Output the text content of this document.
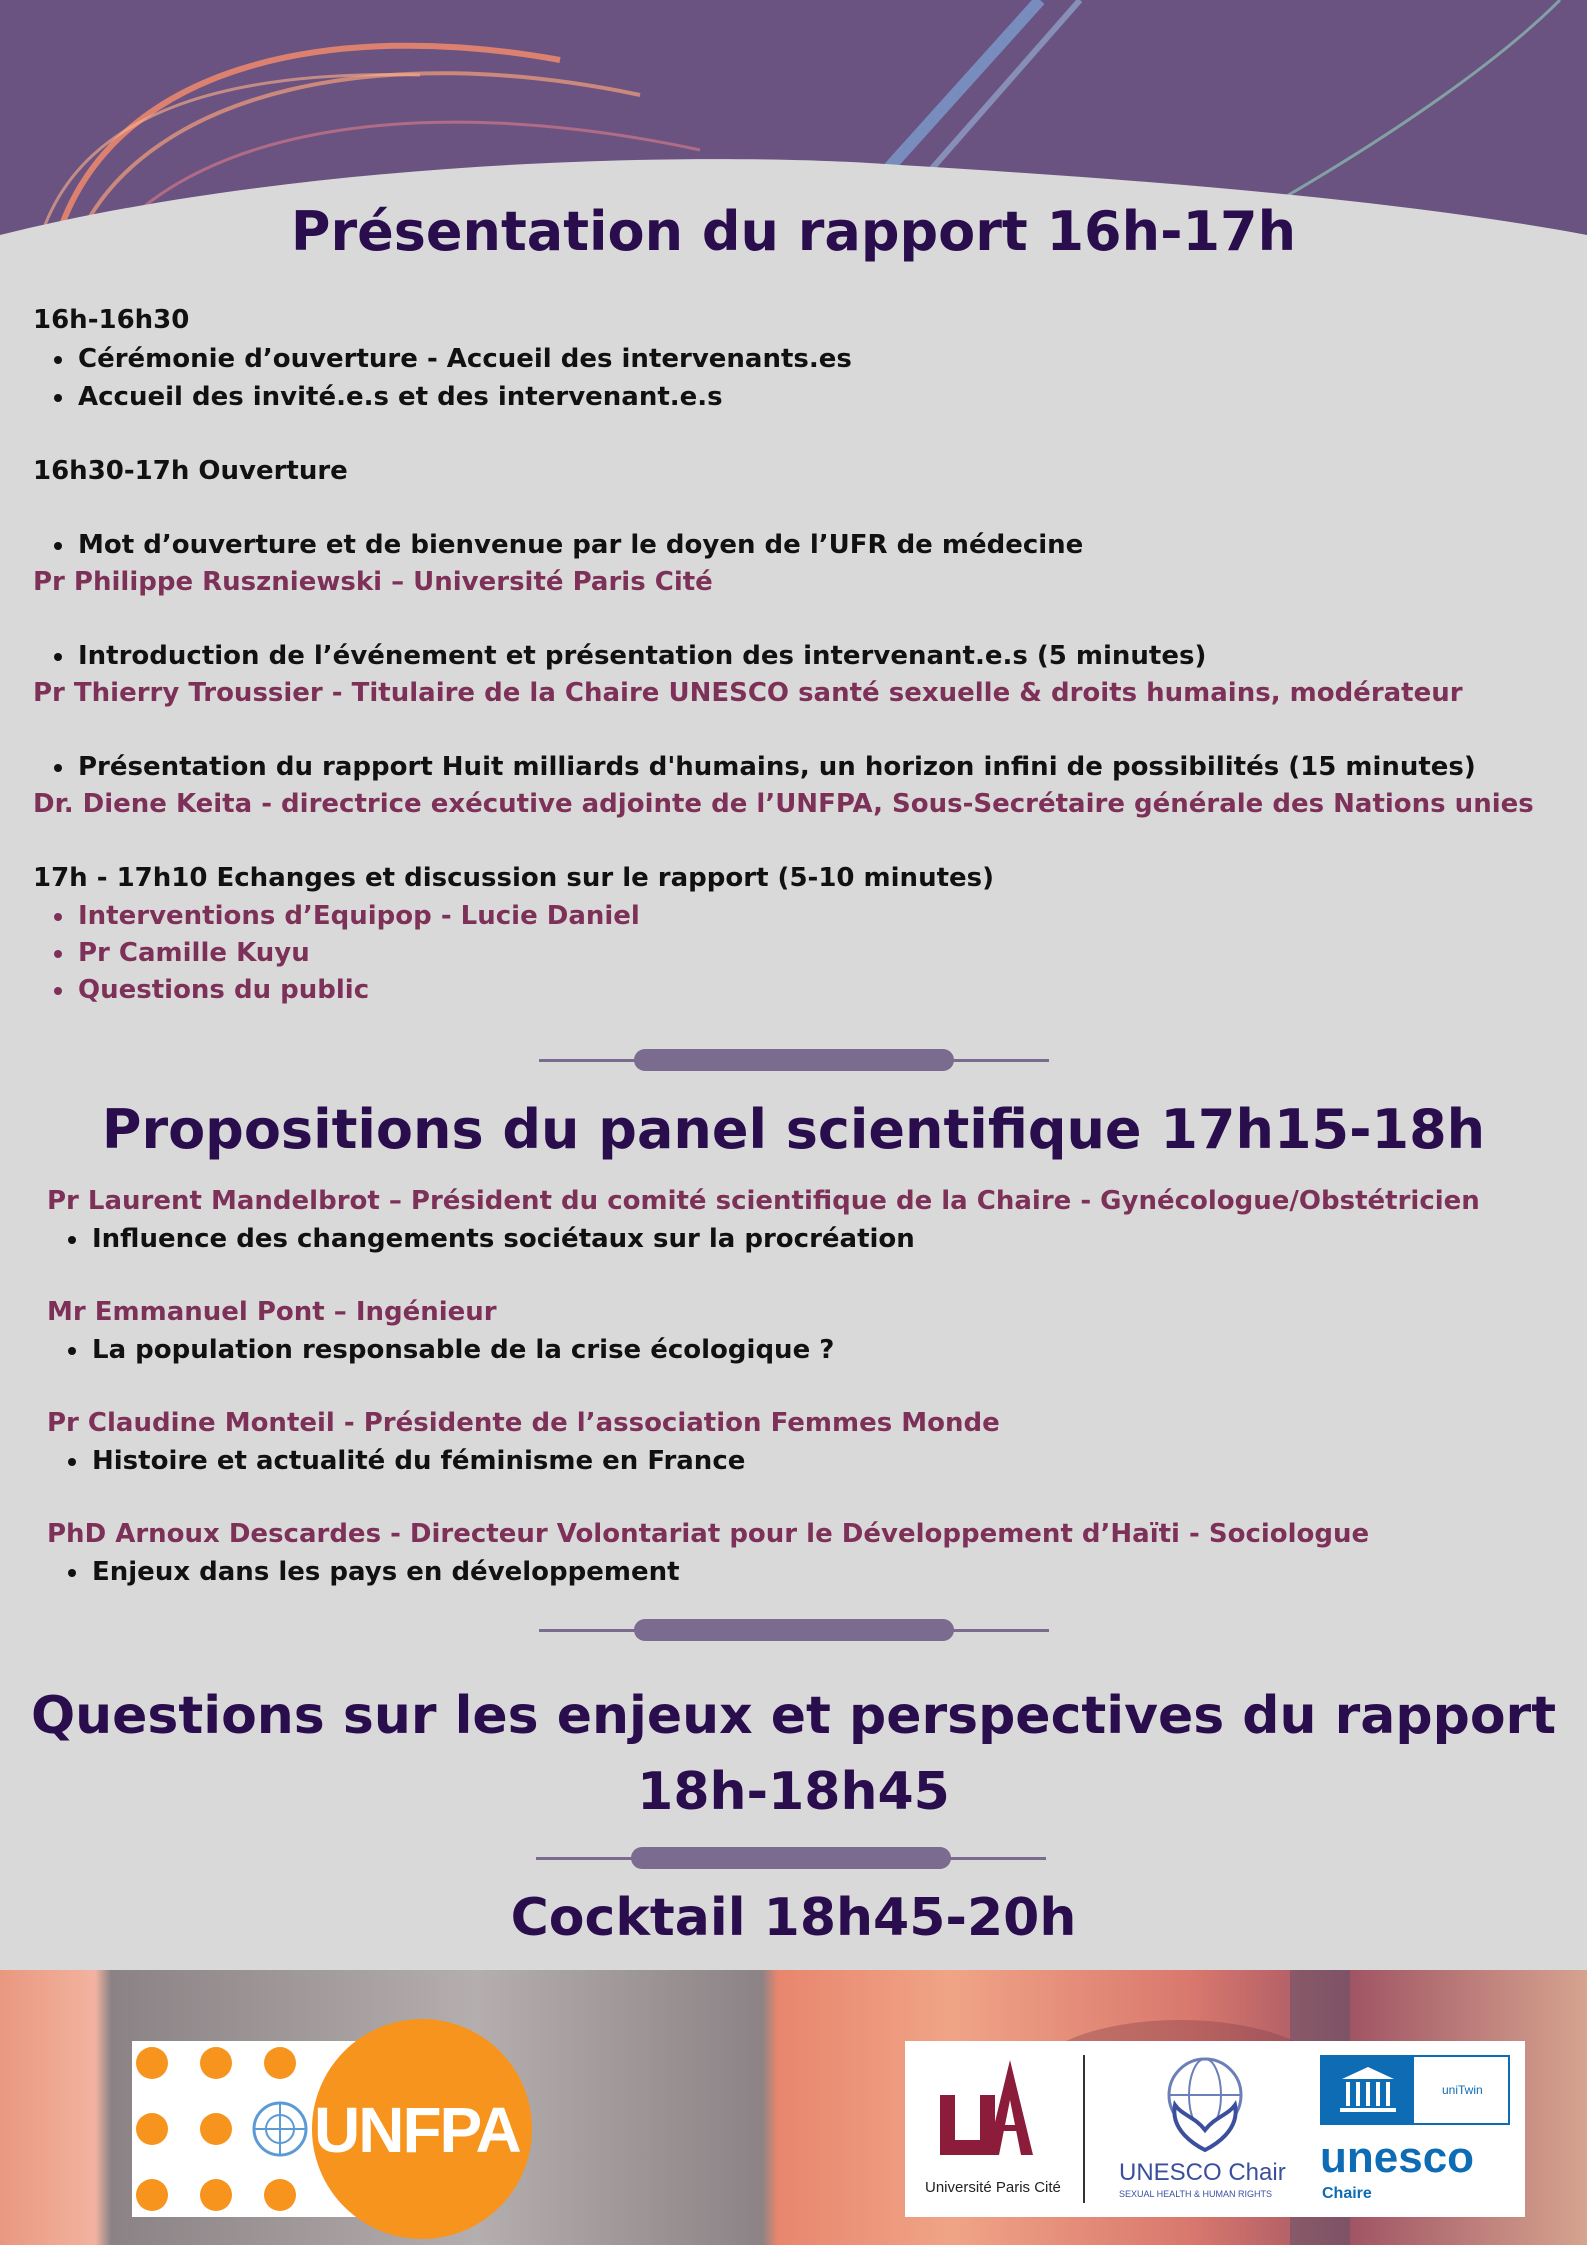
Présentation du rapport 16h-17h
16h-16h30
Cérémonie d’ouverture - Accueil des intervenants.es
Accueil des invité.e.s et des intervenant.e.s
16h30-17h Ouverture
Mot d’ouverture et de bienvenue par le doyen de l’UFR de médecine
Pr Philippe Ruszniewski – Université Paris Cité
Introduction de l’événement et présentation des intervenant.e.s (5 minutes)
Pr Thierry Troussier - Titulaire de la Chaire UNESCO santé sexuelle & droits humains, modérateur
Présentation du rapport Huit milliards d'humains, un horizon infini de possibilités (15 minutes)
Dr. Diene Keita - directrice exécutive adjointe de l’UNFPA, Sous-Secrétaire générale des Nations unies
17h - 17h10 Echanges et discussion sur le rapport (5-10 minutes)
Interventions d’Equipop - Lucie Daniel
Pr Camille Kuyu
Questions du public
Propositions du panel scientifique 17h15-18h
Pr Laurent Mandelbrot – Président du comité scientifique de la Chaire - Gynécologue/Obstétricien
Influence des changements sociétaux sur la procréation
Mr Emmanuel Pont – Ingénieur
La population responsable de la crise écologique ?
Pr Claudine Monteil - Présidente de l’association Femmes Monde
Histoire et actualité du féminisme en France
PhD Arnoux Descardes - Directeur Volontariat pour le Développement d’Haïti - Sociologue
Enjeux dans les pays en développement
Questions sur les enjeux et perspectives du rapport
18h-18h45
Cocktail 18h45-20h
UNFPA
Université Paris Cité
UNESCO Chair
SEXUAL HEALTH & HUMAN RIGHTS
uniTwin
unesco
Chaire
